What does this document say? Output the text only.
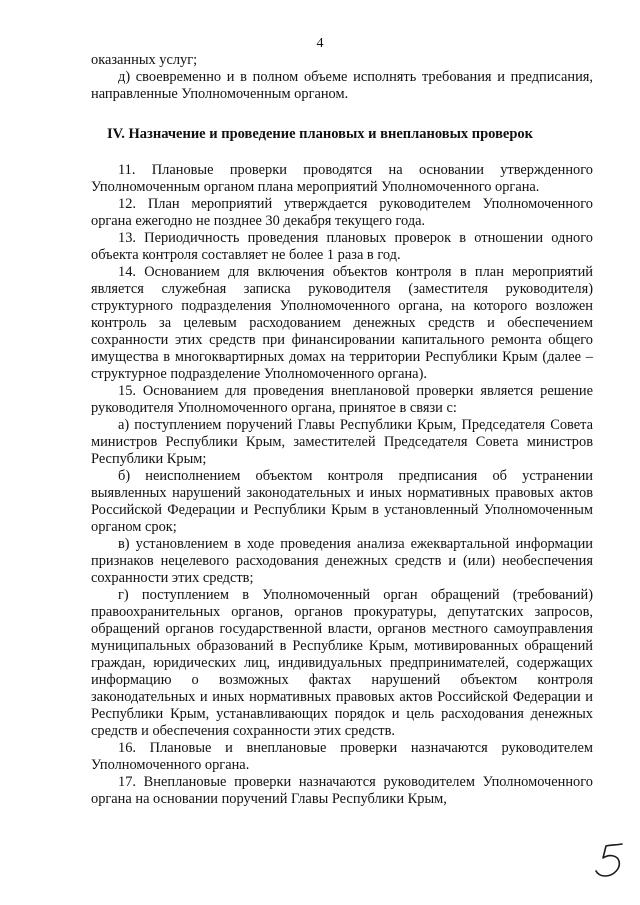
4

оказанных услуг;

д) своевременно и в полном объеме исполнять требования и предписания, направленные Уполномоченным органом.

IV. Назначение и проведение плановых и внеплановых проверок

11. Плановые проверки проводятся на основании утвержденного Уполномоченным органом плана мероприятий Уполномоченного органа.

12. План мероприятий утверждается руководителем Уполномоченного органа ежегодно не позднее 30 декабря текущего года.

13. Периодичность проведения плановых проверок в отношении одного объекта контроля составляет не более 1 раза в год.

14. Основанием для включения объектов контроля в план мероприятий является служебная записка руководителя (заместителя руководителя) структурного подразделения Уполномоченного органа, на которого возложен контроль за целевым расходованием денежных средств и обеспечением сохранности этих средств при финансировании капитального ремонта общего имущества в многоквартирных домах на территории Республики Крым (далее – структурное подразделение Уполномоченного органа).

15. Основанием для проведения внеплановой проверки является решение руководителя Уполномоченного органа, принятое в связи с:

а) поступлением поручений Главы Республики Крым, Председателя Совета министров Республики Крым, заместителей Председателя Совета министров Республики Крым;

б) неисполнением объектом контроля предписания об устранении выявленных нарушений законодательных и иных нормативных правовых актов Российской Федерации и Республики Крым в установленный Уполномоченным органом срок;

в) установлением в ходе проведения анализа ежеквартальной информации признаков нецелевого расходования денежных средств и (или) необеспечения сохранности этих средств;

г) поступлением в Уполномоченный орган обращений (требований) правоохранительных органов, органов прокуратуры, депутатских запросов, обращений органов государственной власти, органов местного самоуправления муниципальных образований в Республике Крым, мотивированных обращений граждан, юридических лиц, индивидуальных предпринимателей, содержащих информацию о возможных фактах нарушений объектом контроля законодательных и иных нормативных правовых актов Российской Федерации и Республики Крым, устанавливающих порядок и цель расходования денежных средств и обеспечения сохранности этих средств.

16. Плановые и внеплановые проверки назначаются руководителем Уполномоченного органа.

17. Внеплановые проверки назначаются руководителем Уполномоченного органа на основании поручений Главы Республики Крым,
